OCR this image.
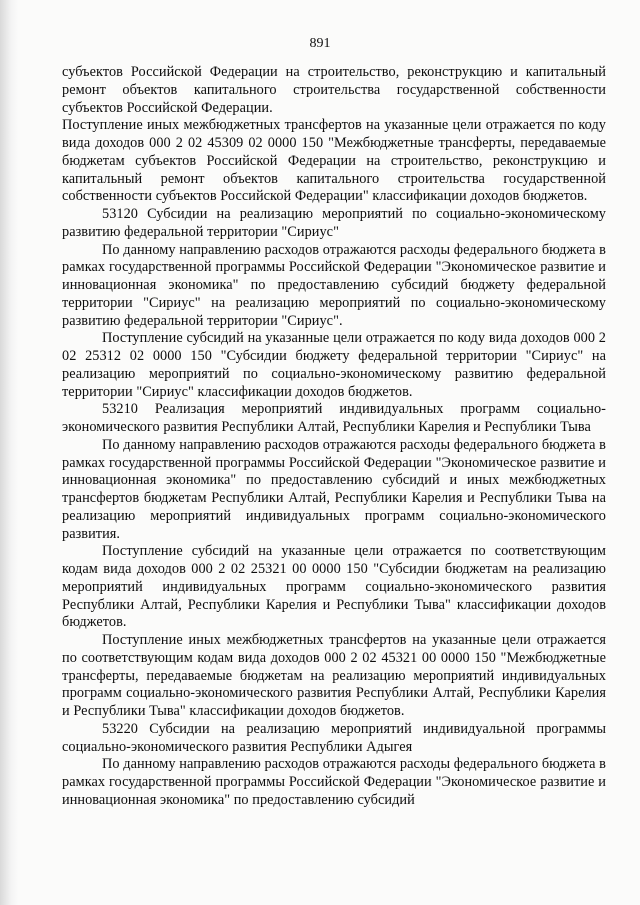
891

субъектов Российской Федерации на строительство, реконструкцию и капитальный ремонт объектов капитального строительства государственной собственности субъектов Российской Федерации.

Поступление иных межбюджетных трансфертов на указанные цели отражается по коду вида доходов 000 2 02 45309 02 0000 150 "Межбюджетные трансферты, передаваемые бюджетам субъектов Российской Федерации на строительство, реконструкцию и капитальный ремонт объектов капитального строительства государственной собственности субъектов Российской Федерации" классификации доходов бюджетов.

53120 Субсидии на реализацию мероприятий по социально-экономическому развитию федеральной территории "Сириус"

По данному направлению расходов отражаются расходы федерального бюджета в рамках государственной программы Российской Федерации "Экономическое развитие и инновационная экономика" по предоставлению субсидий бюджету федеральной территории "Сириус" на реализацию мероприятий по социально-экономическому развитию федеральной территории "Сириус".

Поступление субсидий на указанные цели отражается по коду вида доходов 000 2 02 25312 02 0000 150 "Субсидии бюджету федеральной территории "Сириус" на реализацию мероприятий по социально-экономическому развитию федеральной территории "Сириус" классификации доходов бюджетов.

53210 Реализация мероприятий индивидуальных программ социально-экономического развития Республики Алтай, Республики Карелия и Республики Тыва

По данному направлению расходов отражаются расходы федерального бюджета в рамках государственной программы Российской Федерации "Экономическое развитие и инновационная экономика" по предоставлению субсидий и иных межбюджетных трансфертов бюджетам Республики Алтай, Республики Карелия и Республики Тыва на реализацию мероприятий индивидуальных программ социально-экономического развития.

Поступление субсидий на указанные цели отражается по соответствующим кодам вида доходов 000 2 02 25321 00 0000 150 "Субсидии бюджетам на реализацию мероприятий индивидуальных программ социально-экономического развития Республики Алтай, Республики Карелия и Республики Тыва" классификации доходов бюджетов.

Поступление иных межбюджетных трансфертов на указанные цели отражается по соответствующим кодам вида доходов 000 2 02 45321 00 0000 150 "Межбюджетные трансферты, передаваемые бюджетам на реализацию мероприятий индивидуальных программ социально-экономического развития Республики Алтай, Республики Карелия и Республики Тыва" классификации доходов бюджетов.

53220 Субсидии на реализацию мероприятий индивидуальной программы социально-экономического развития Республики Адыгея

По данному направлению расходов отражаются расходы федерального бюджета в рамках государственной программы Российской Федерации "Экономическое развитие и инновационная экономика" по предоставлению субсидий
